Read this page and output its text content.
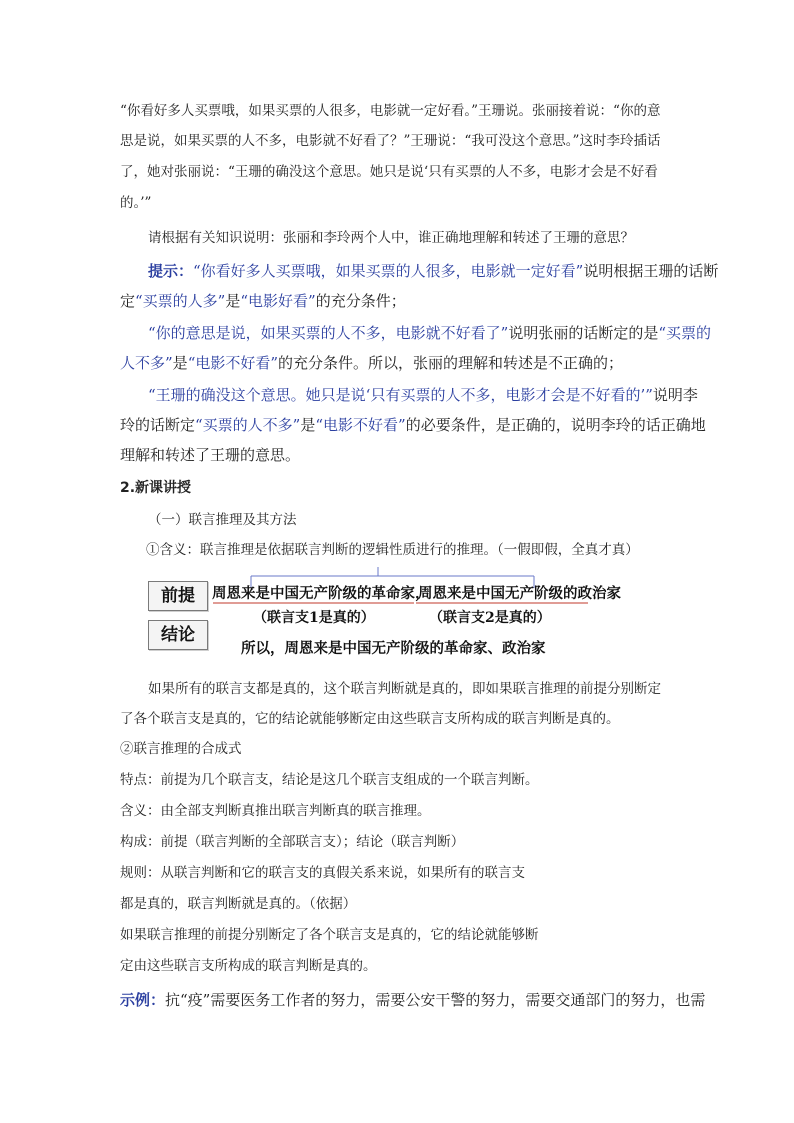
“你看好多人买票哦，如果买票的人很多，电影就一定好看。”王珊说。张丽接着说：“你的意
思是说，如果买票的人不多，电影就不好看了？”王珊说：“我可没这个意思。”这时李玲插话
了，她对张丽说：“王珊的确没这个意思。她只是说‘只有买票的人不多，电影才会是不好看
的。’”
请根据有关知识说明：张丽和李玲两个人中，谁正确地理解和转述了王珊的意思？
提示：“你看好多人买票哦，如果买票的人很多，电影就一定好看”说明根据王珊的话断
定“买票的人多”是“电影好看”的充分条件；
“你的意思是说，如果买票的人不多，电影就不好看了”说明张丽的话断定的是“买票的
人不多”是“电影不好看”的充分条件。所以，张丽的理解和转述是不正确的；
“王珊的确没这个意思。她只是说‘只有买票的人不多，电影才会是不好看的’”说明李
玲的话断定“买票的人不多”是“电影不好看”的必要条件，是正确的，说明李玲的话正确地
理解和转述了王珊的意思。
2.新课讲授
（一）联言推理及其方法
①含义：联言推理是依据联言判断的逻辑性质进行的推理。（一假即假，全真才真）
前提
结论
周恩来是中国无产阶级的革命家，
周恩来是中国无产阶级的政治家
（联言支1是真的）	（联言支2是真的）
所以，周恩来是中国无产阶级的革命家、政治家
如果所有的联言支都是真的，这个联言判断就是真的，即如果联言推理的前提分别断定
了各个联言支是真的，它的结论就能够断定由这些联言支所构成的联言判断是真的。
②联言推理的合成式
特点：前提为几个联言支，结论是这几个联言支组成的一个联言判断。
含义：由全部支判断真推出联言判断真的联言推理。
构成：前提（联言判断的全部联言支）；结论（联言判断）
规则：从联言判断和它的联言支的真假关系来说，如果所有的联言支
都是真的，联言判断就是真的。（依据）
如果联言推理的前提分别断定了各个联言支是真的，它的结论就能够断
定由这些联言支所构成的联言判断是真的。
示例：抗“疫”需要医务工作者的努力，需要公安干警的努力，需要交通部门的努力，也需
